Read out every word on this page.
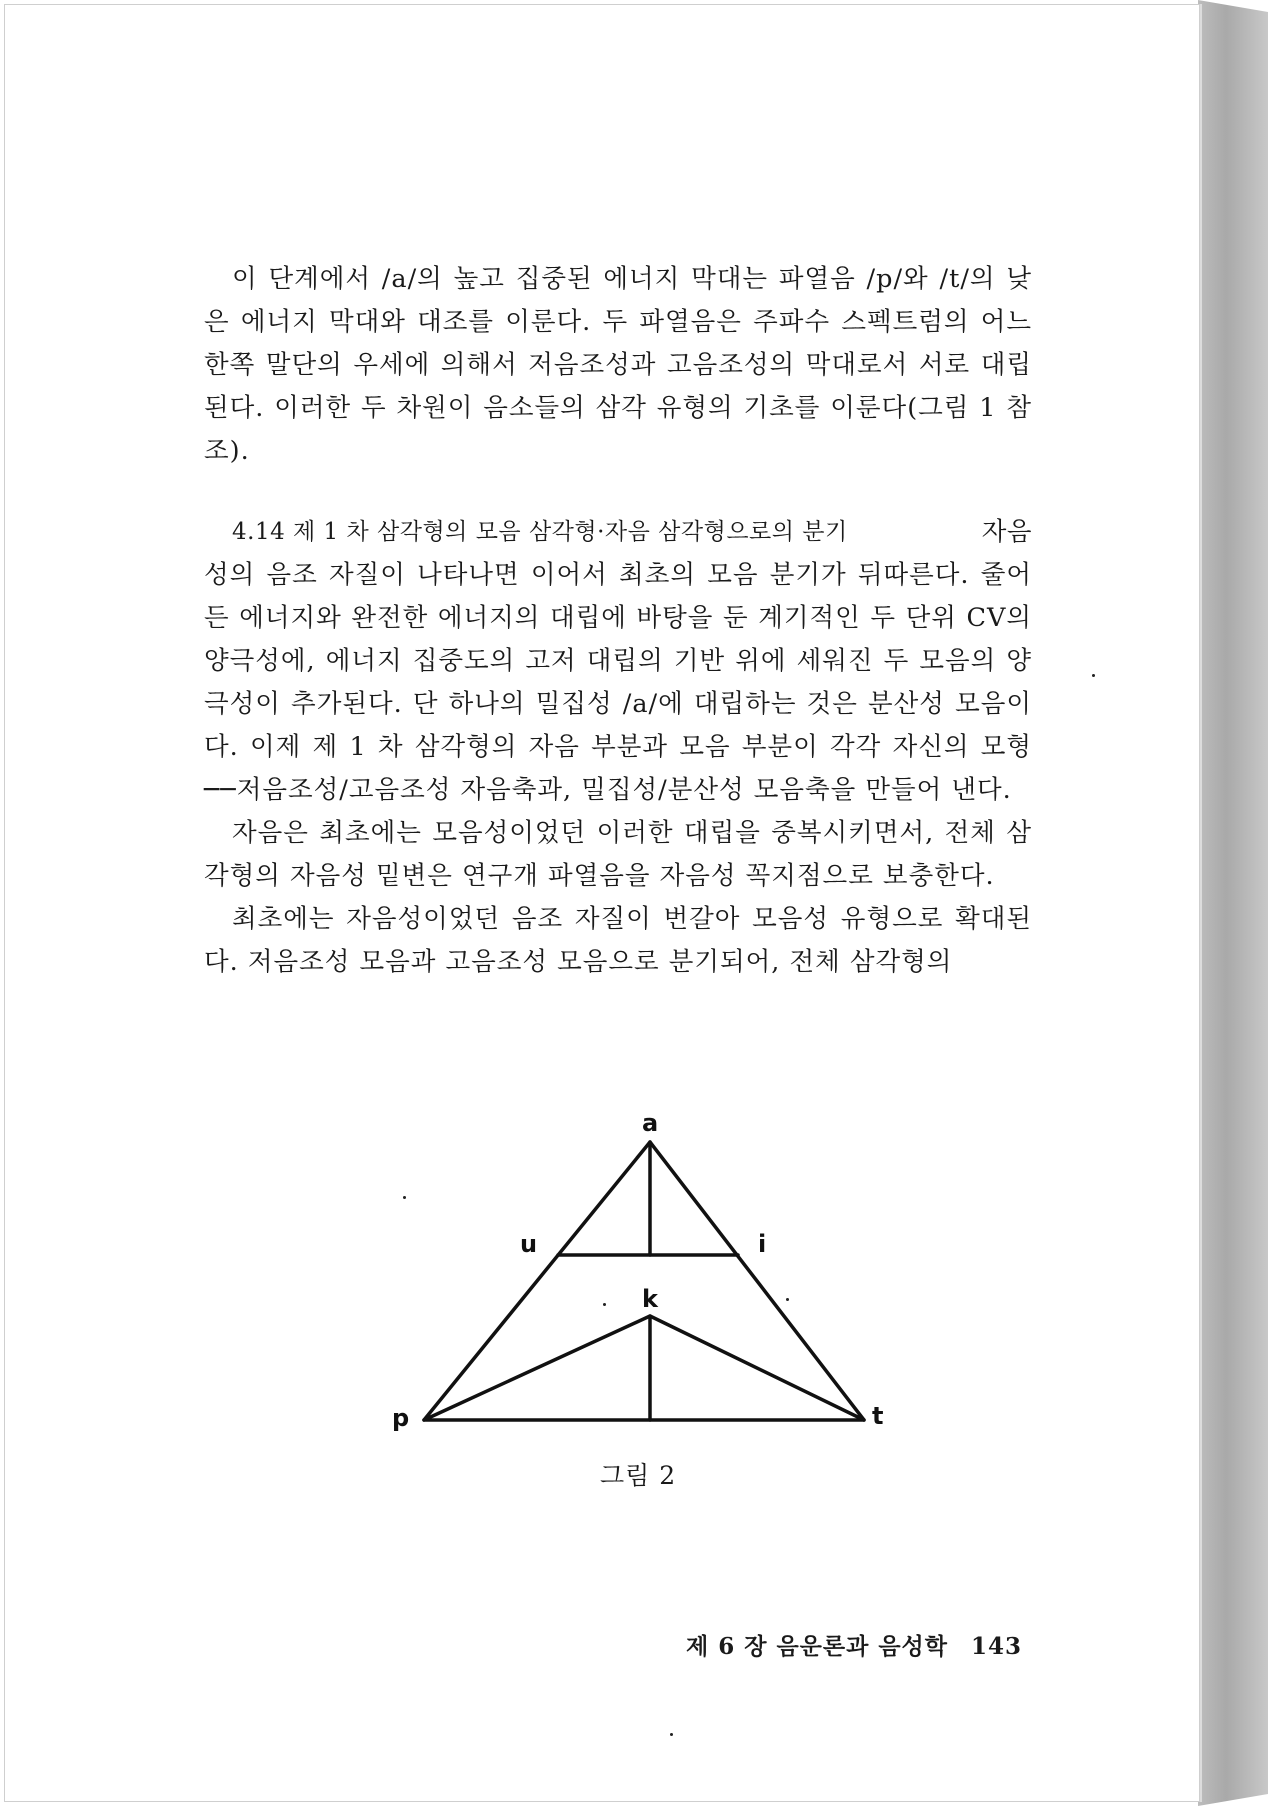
이 단계에서 /a/의 높고 집중된 에너지 막대는 파열음 /p/와 /t/의 낮은 에너지 막대와 대조를 이룬다. 두 파열음은 주파수 스펙트럼의 어느 한쪽 말단의 우세에 의해서 저음조성과 고음조성의 막대로서 서로 대립된다. 이러한 두 차원이 음소들의 삼각 유형의 기초를 이룬다(그림 1 참조).

4.14 제 1 차 삼각형의 모음 삼각형·자음 삼각형으로의 분기	자음

성의 음조 자질이 나타나면 이어서 최초의 모음 분기가 뒤따른다. 줄어든 에너지와 완전한 에너지의 대립에 바탕을 둔 계기적인 두 단위 CV의 양극성에, 에너지 집중도의 고저 대립의 기반 위에 세워진 두 모음의 양극성이 추가된다. 단 하나의 밀집성 /a/에 대립하는 것은 분산성 모음이다. 이제 제 1 차 삼각형의 자음 부분과 모음 부분이 각각 자신의 모형──저음조성/고음조성 자음축과, 밀집성/분산성 모음축을 만들어 낸다.

자음은 최초에는 모음성이었던 이러한 대립을 중복시키면서, 전체 삼각형의 자음성 밑변은 연구개 파열음을 자음성 꼭지점으로 보충한다.

최초에는 자음성이었던 음조 자질이 번갈아 모음성 유형으로 확대된다. 저음조성 모음과 고음조성 모음으로 분기되어, 전체 삼각형의

a
u	i
k
p	t
그림 2
제 6 장 음운론과 음성학 143
